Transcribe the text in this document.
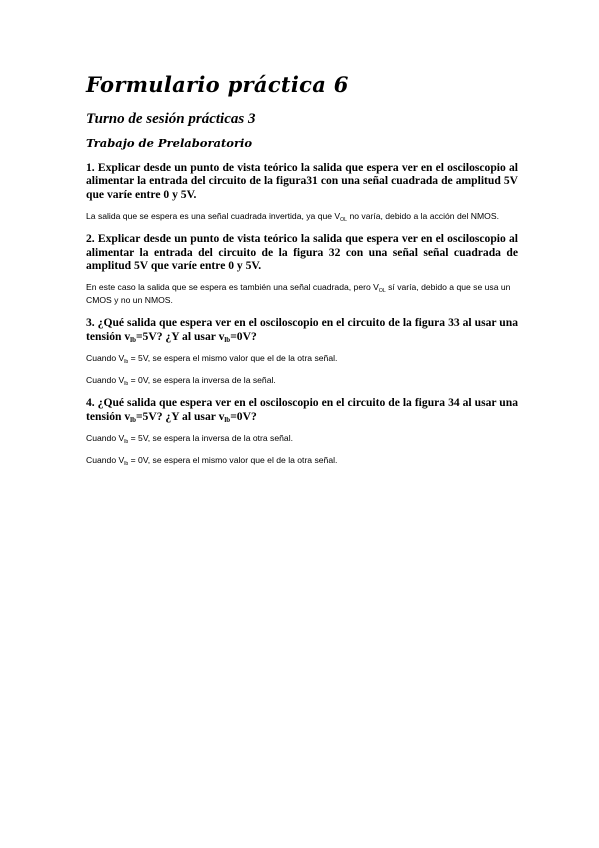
Formulario práctica 6
Turno de sesión prácticas 3
Trabajo de Prelaboratorio

1. Explicar desde un punto de vista teórico la salida que espera ver en el osciloscopio al alimentar la entrada del circuito de la figura31 con una señal cuadrada de amplitud 5V que varíe entre 0 y 5V.

La salida que se espera es una señal cuadrada invertida, ya que $V_{OL}$ no varía, debido a la acción del NMOS.

2. Explicar desde un punto de vista teórico la salida que espera ver en el osciloscopio al alimentar la entrada del circuito de la figura 32 con una señal señal cuadrada de amplitud 5V que varíe entre 0 y 5V.

En este caso la salida que se espera es también una señal cuadrada, pero $V_{OL}$ sí varía, debido a que se usa un CMOS y no un NMOS.

3. ¿Qué salida que espera ver en el osciloscopio en el circuito de la figura 33 al usar una tensión $v_{lb}=5V$? ¿Y al usar $v_{lb}=0V$?

Cuando $V_{lb} = 5V$, se espera el mismo valor que el de la otra señal.

Cuando $V_{lb} = 0V$, se espera la inversa de la señal.

4. ¿Qué salida que espera ver en el osciloscopio en el circuito de la figura 34 al usar una tensión $v_{lb}=5V$? ¿Y al usar $v_{lb}=0V$?

Cuando $V_{lb} = 5V$, se espera la inversa de la otra señal.

Cuando $V_{lb} = 0V$, se espera el mismo valor que el de la otra señal.
